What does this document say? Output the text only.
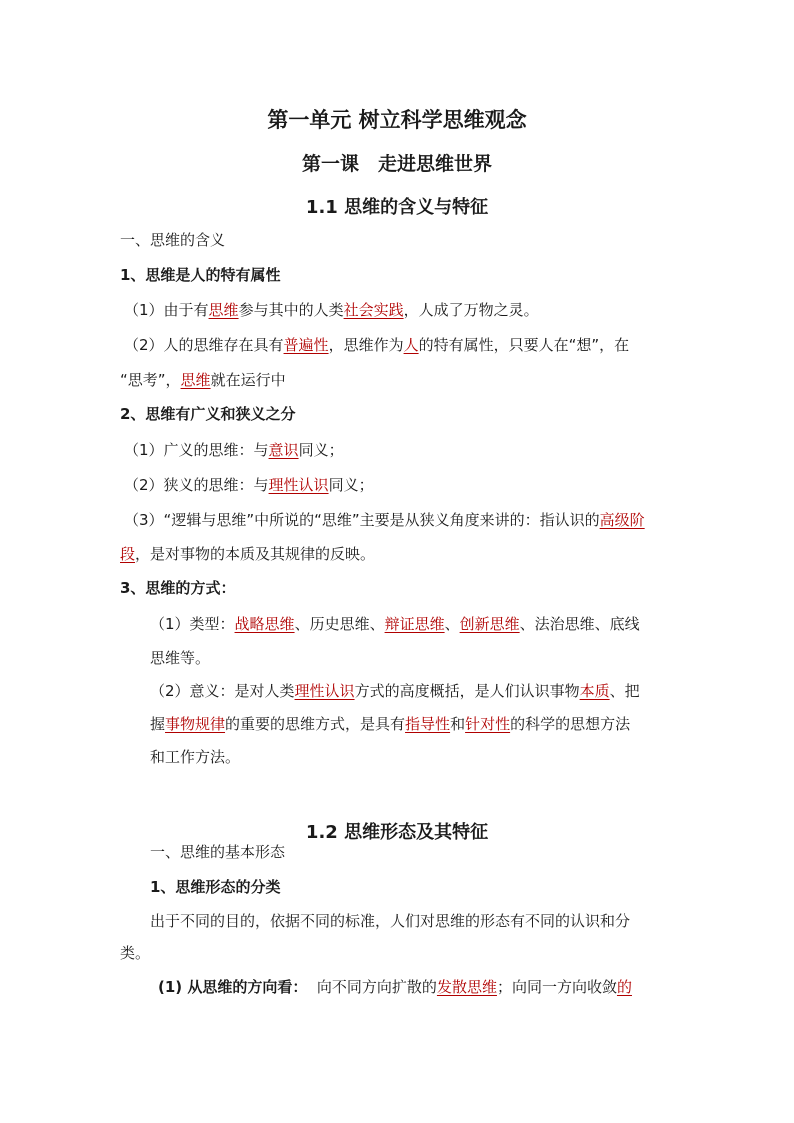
第一单元 树立科学思维观念
第一课　走进思维世界
1.1 思维的含义与特征
一、思维的含义
1、思维是人的特有属性
（1）由于有思维参与其中的人类社会实践，人成了万物之灵。
（2）人的思维存在具有普遍性，思维作为人的特有属性，只要人在“想”，在
“思考”，思维就在运行中
2、思维有广义和狭义之分
（1）广义的思维：与意识同义；
（2）狭义的思维：与理性认识同义；
（3）“逻辑与思维”中所说的“思维”主要是从狭义角度来讲的：指认识的高级阶
段，是对事物的本质及其规律的反映。
3、思维的方式：
（1）类型：战略思维、历史思维、辩证思维、创新思维、法治思维、底线
思维等。
（2）意义：是对人类理性认识方式的高度概括，是人们认识事物本质、把
握事物规律的重要的思维方式，是具有指导性和针对性的科学的思想方法
和工作方法。
1.2 思维形态及其特征
一、思维的基本形态
1、思维形态的分类
出于不同的目的，依据不同的标准，人们对思维的形态有不同的认识和分
类。
(1) 从思维的方向看： 向不同方向扩散的发散思维；向同一方向收敛的
